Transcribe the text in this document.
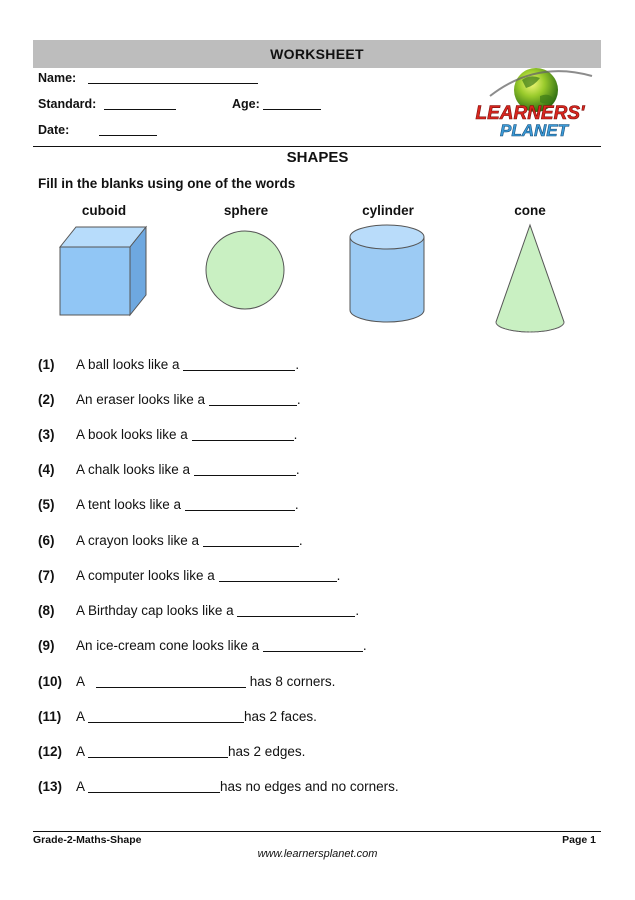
WORKSHEET
Name:
Standard:	Age:
Date:
LEARNERS'
PLANET
SHAPES
Fill in the blanks using one of the words
cuboid	sphere	cylinder	cone
(1) A ball looks like a	.
(2) An eraser looks like a	.
(3) A book looks like a	.
(4) A chalk looks like a	.
(5) A tent looks like a	.
(6) A crayon looks like a	.
(7) A computer looks like a	.
(8) A Birthday cap looks like a	.
(9) An ice-cream cone looks like a	.
(10) A	has 8 corners.
(11) A	has 2 faces.
(12) A	has 2 edges.
(13) A	has no edges and no corners.
Grade-2-Maths-Shape	Page 1
www.learnersplanet.com
